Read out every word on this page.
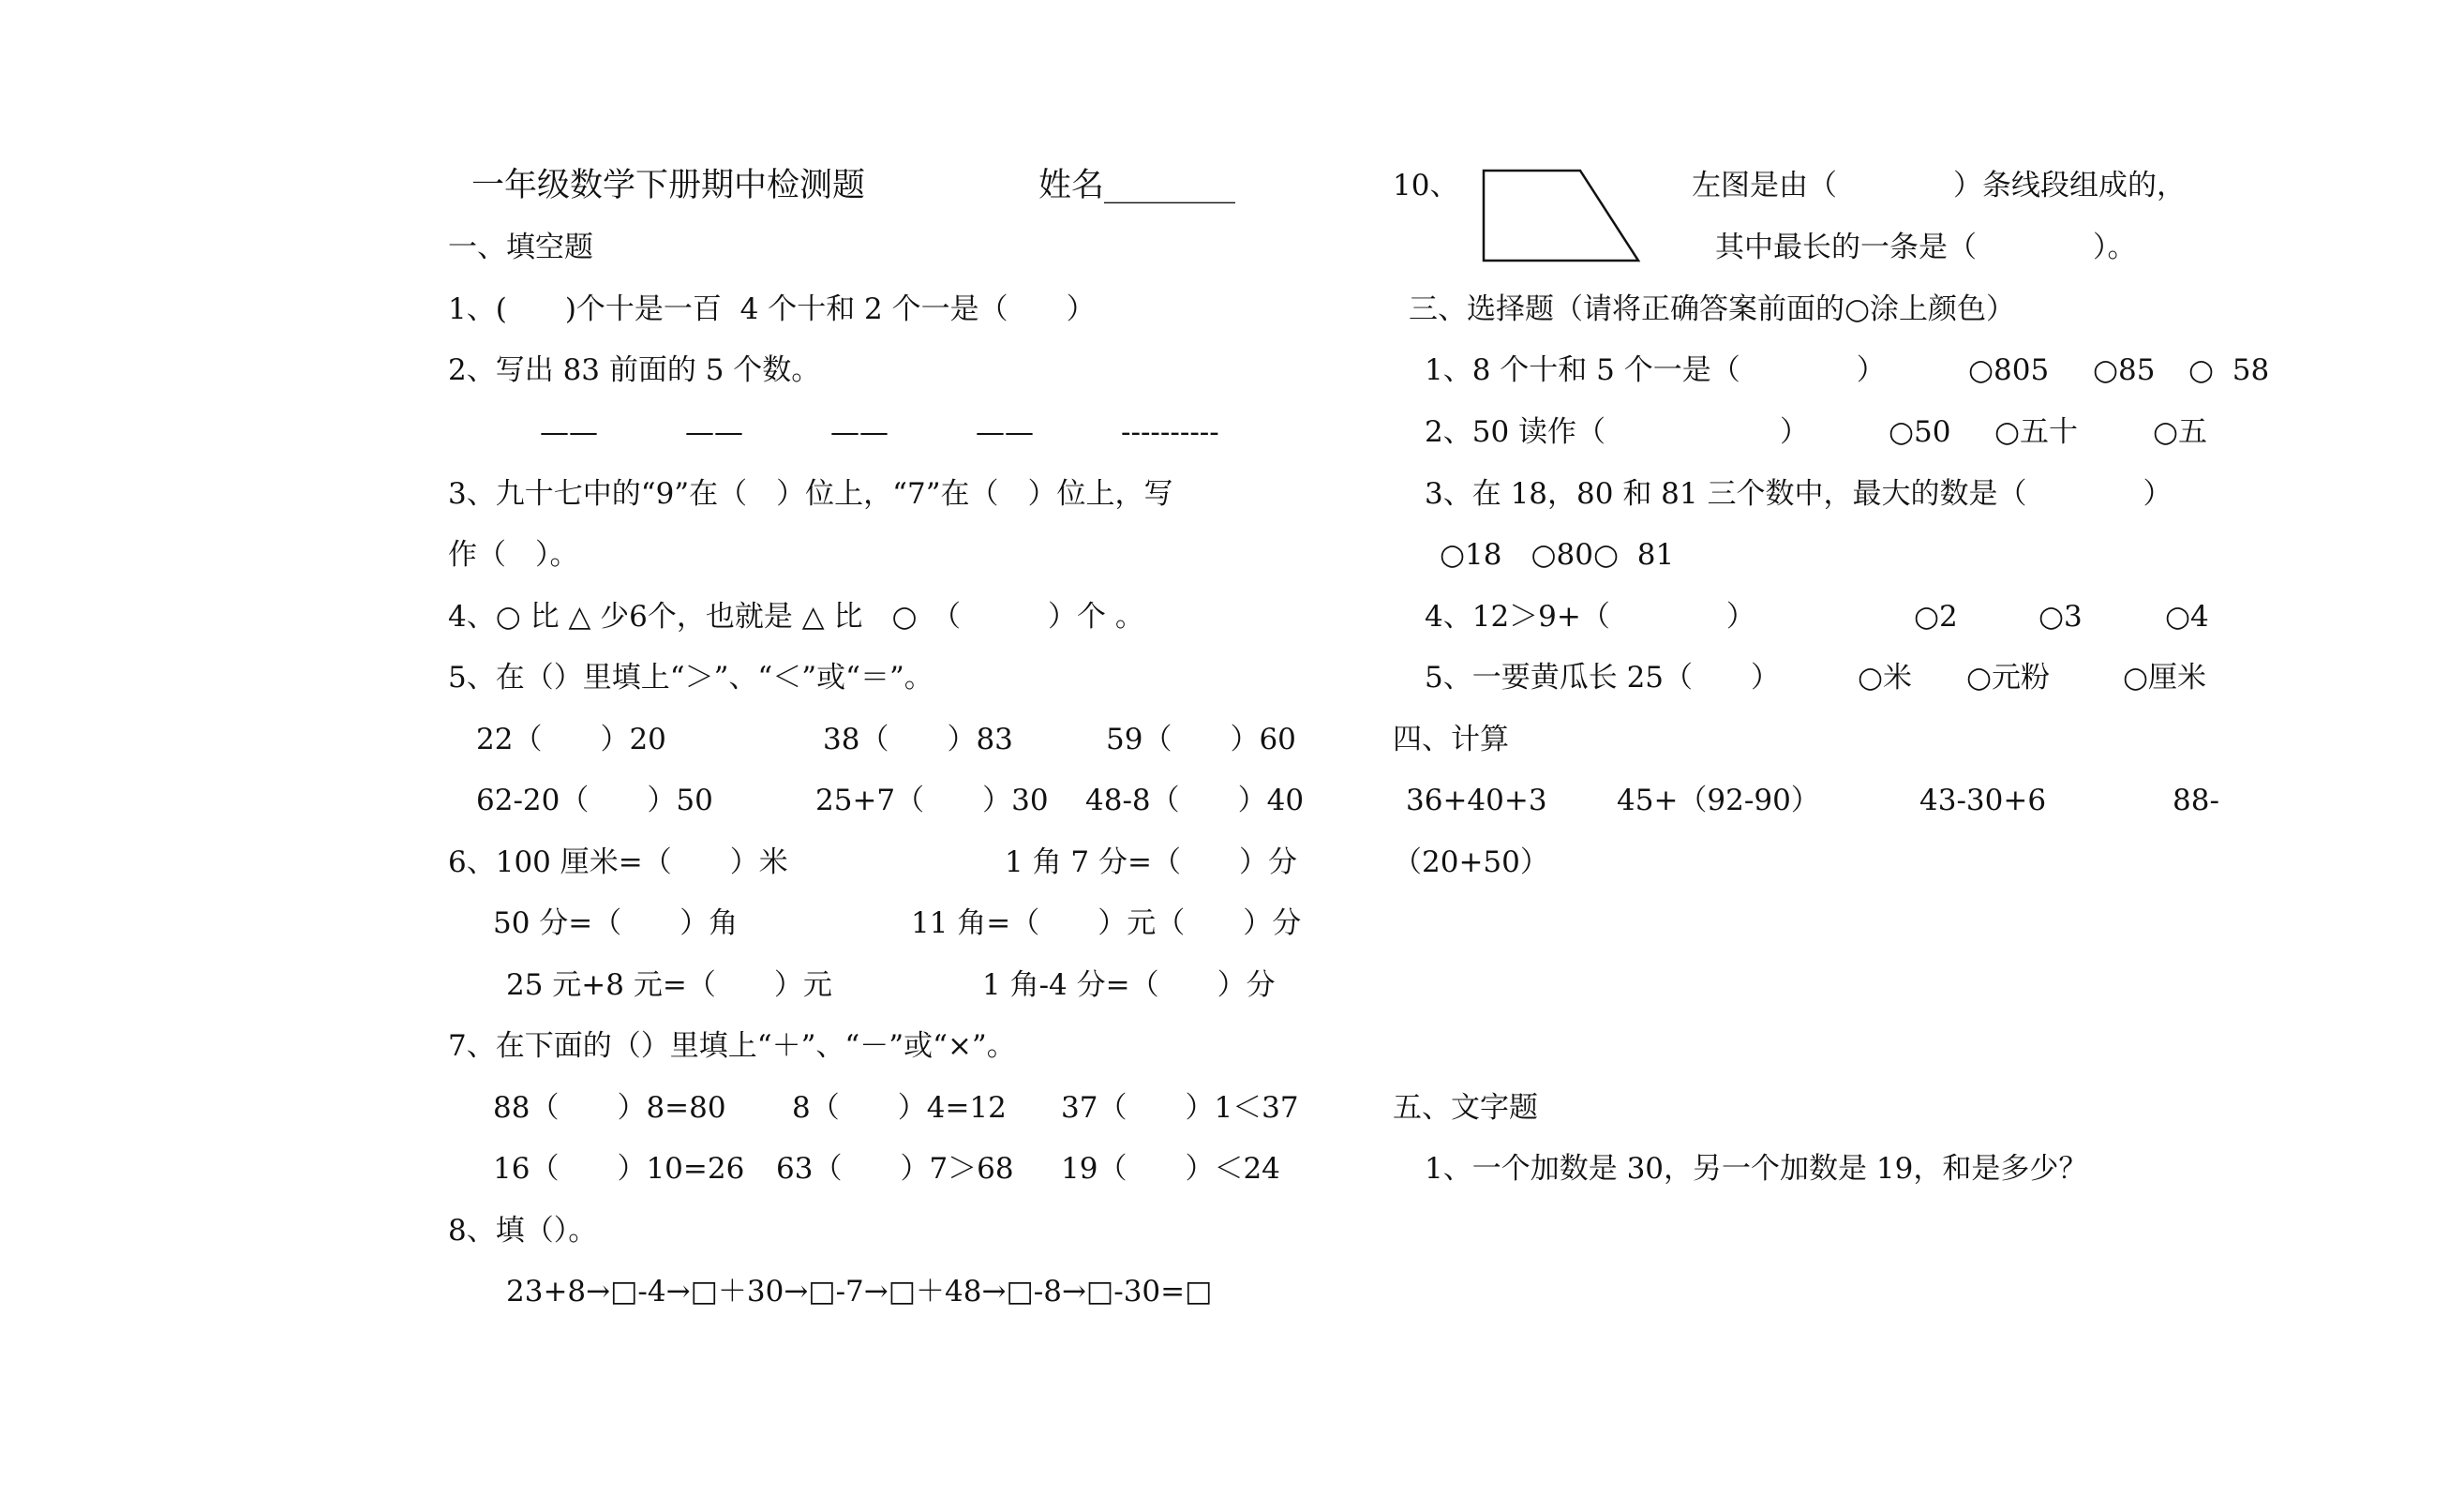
一年级数学下册期中检测题	姓名________
一、填空题
1、(　　)个十是一百  4 个十和 2 个一是（　　）
2、写出 83 前面的 5 个数。
——　　　——　　　——　　　——　　　----------
3、九十七中的“9”在（　）位上，“7”在（　）位上，写
作（　）。
4、○ 比 △ 少6个，也就是 △ 比　○　（　　　）个 。
5、在（）里填上“＞”、“＜”或“＝”。
22（　　）20	38（　　）83	59（　　）60
62-20（　　）50	25+7（　　）30 48-8（　　）40
6、100 厘米=（　　）米	1 角 7 分=（　　）分
50 分=（　　）角	11 角=（　　）元（　　）分
25 元+8 元=（　　）元	1 角-4 分=（　　）分
7、在下面的（）里填上“＋”、“－”或“×”。
88（　　）8=80 8（　　）4=12 37（　　）1＜37
16（　　）10=26 63（　　）7＞68 19（　　）＜24
8、填（）。
23+8→□-4→□＋30→□-7→□＋48→□-8→□-30=□
10、	左图是由（　　　　）条线段组成的，
其中最长的一条是（　　　　）。
三、选择题（请将正确答案前面的○涂上颜色）
1、8 个十和 5 个一是（　　　　）	○805 ○85 ○  58
2、50 读作（　　　　　　）	○50 ○五十	○五
3、在 18，80 和 81 三个数中，最大的数是（　　　　）
○18　○80○  81
4、12＞9+（　　　　）	○2	○3	○4
5、一要黄瓜长 25（　　）	○米 ○元粉	○厘米
四、计算
36+40+3 45+（92-90）	43-30+6	88-
（20+50）
五、文字题
1、一个加数是 30，另一个加数是 19，和是多少？
